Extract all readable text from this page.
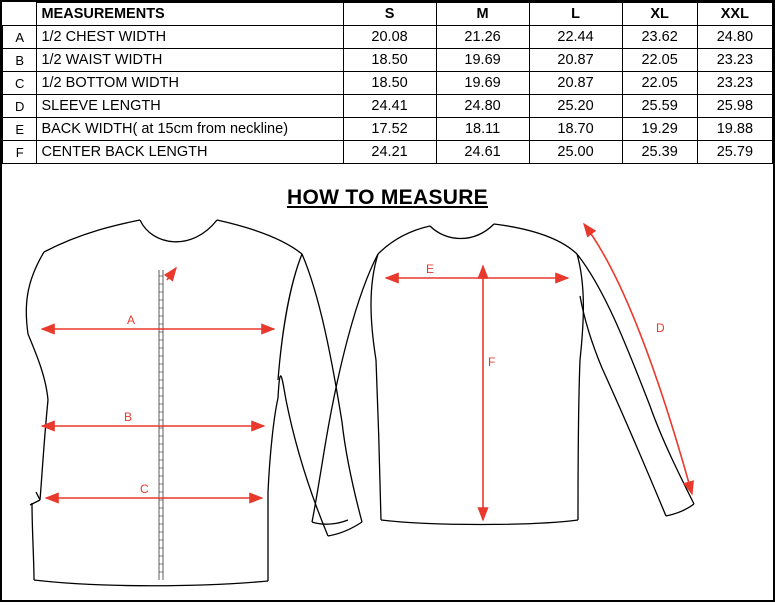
	MEASUREMENTS	S	M	L	XL	XXL
A	1/2 CHEST WIDTH	20.08	21.26	22.44	23.62	24.80
B	1/2 WAIST WIDTH	18.50	19.69	20.87	22.05	23.23
C	1/2 BOTTOM WIDTH	18.50	19.69	20.87	22.05	23.23
D	SLEEVE LENGTH	24.41	24.80	25.20	25.59	25.98
E	BACK WIDTH( at 15cm from neckline)	17.52	18.11	18.70	19.29	19.88
F	CENTER BACK LENGTH	24.21	24.61	25.00	25.39	25.79
HOW TO MEASURE
A
B
C
E
F
D
